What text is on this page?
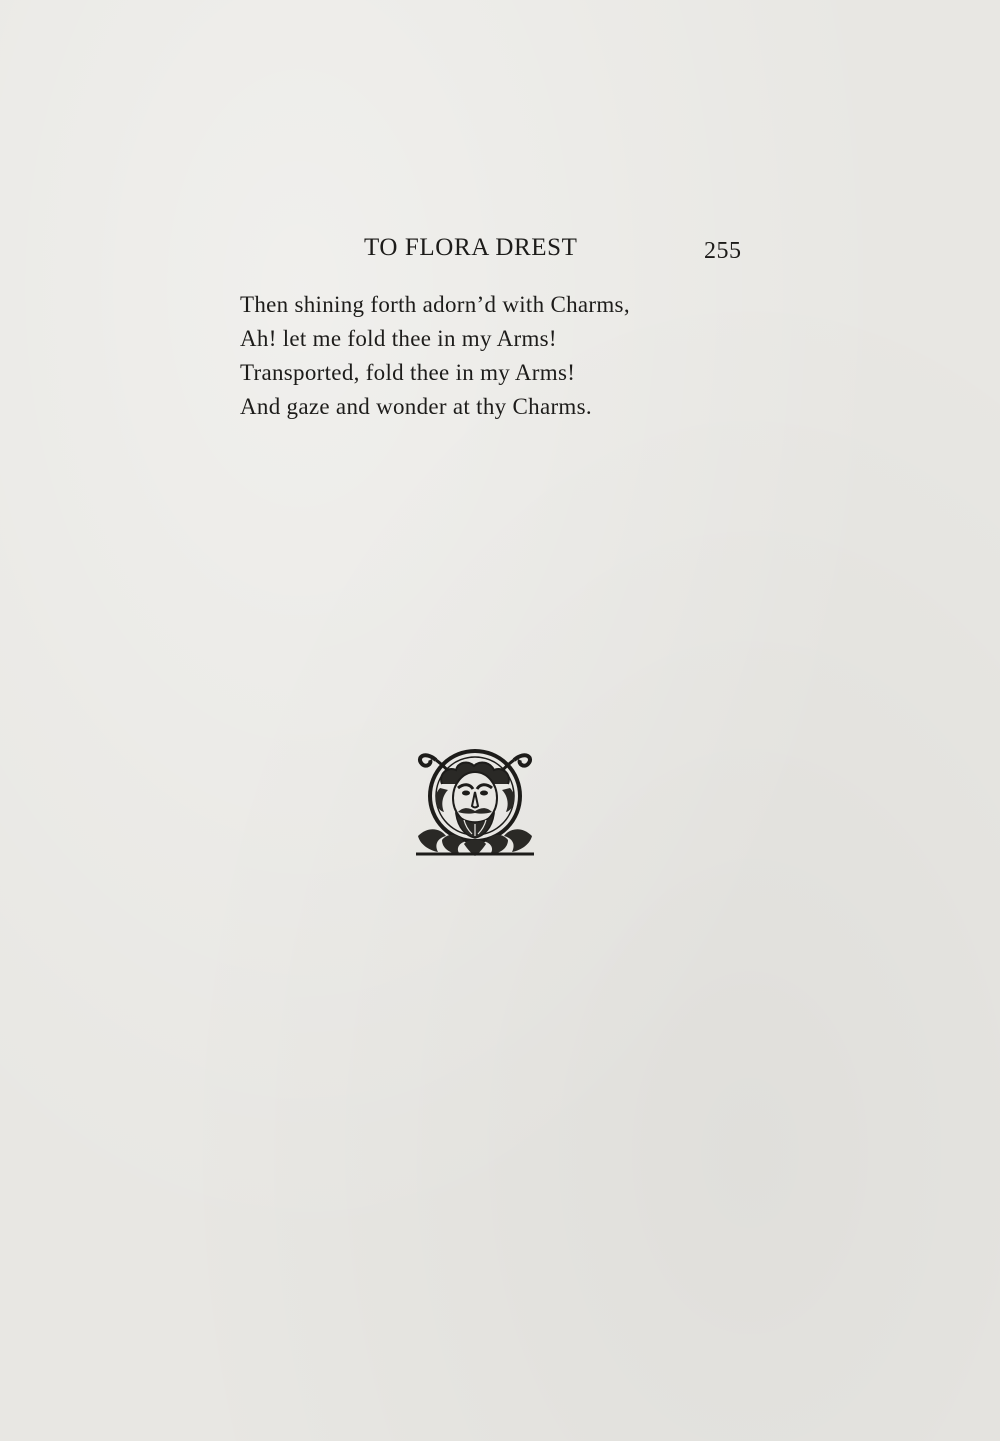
TO FLORA DREST	255
Then shining forth adorn’d with Charms,
Ah! let me fold thee in my Arms!
Transported, fold thee in my Arms!
And gaze and wonder at thy Charms.
